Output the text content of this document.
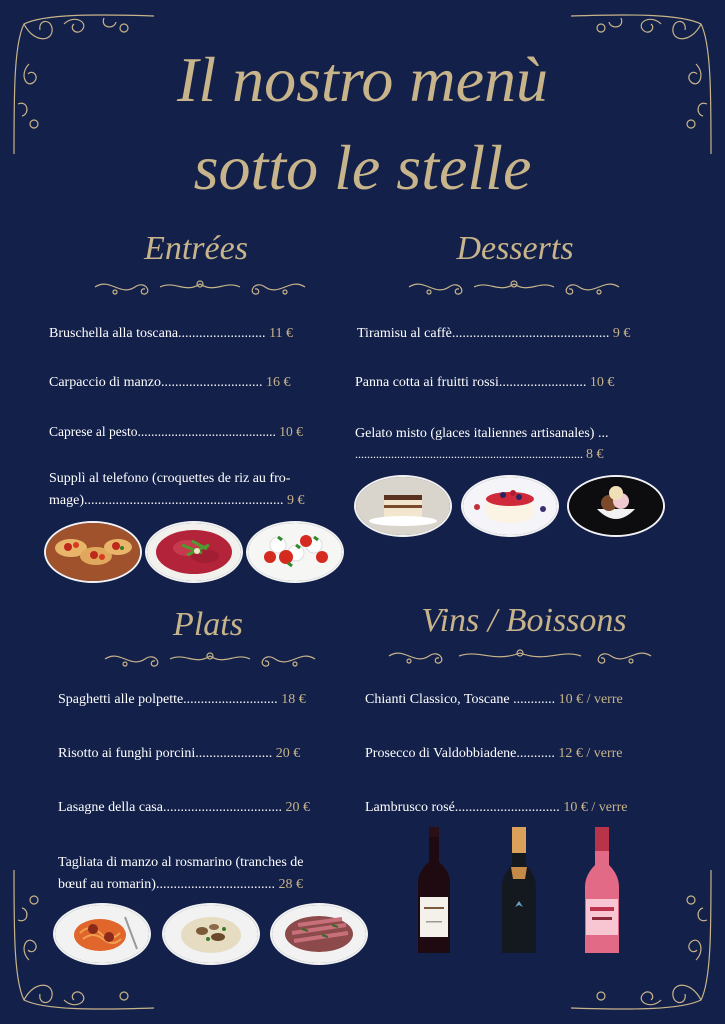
Il nostro menù
sotto le stelle
Entrées
Bruschella alla toscana......................... 11 €
Carpaccio di manzo............................. 16 €
Caprese al pesto......................................... 10 €
Supplì al telefono (croquettes de riz au fro-
mage)......................................................... 9 €
Desserts
Tiramisu al caffè............................................. 9 €
Panna cotta ai fruitti rossi......................... 10 €
Gelato misto (glaces italiennes artisanales) ...
............................................................................ 8 €
Plats
Spaghetti alle polpette........................... 18 €
Risotto ai funghi porcini...................... 20 €
Lasagne della casa.................................. 20 €
Tagliata di manzo al rosmarino (tranches de
bœuf au romarin).................................. 28 €
Vins / Boissons
Chianti Classico, Toscane ............ 10 € / verre
Prosecco di Valdobbiadene........... 12 € / verre
Lambrusco rosé.............................. 10 € / verre
